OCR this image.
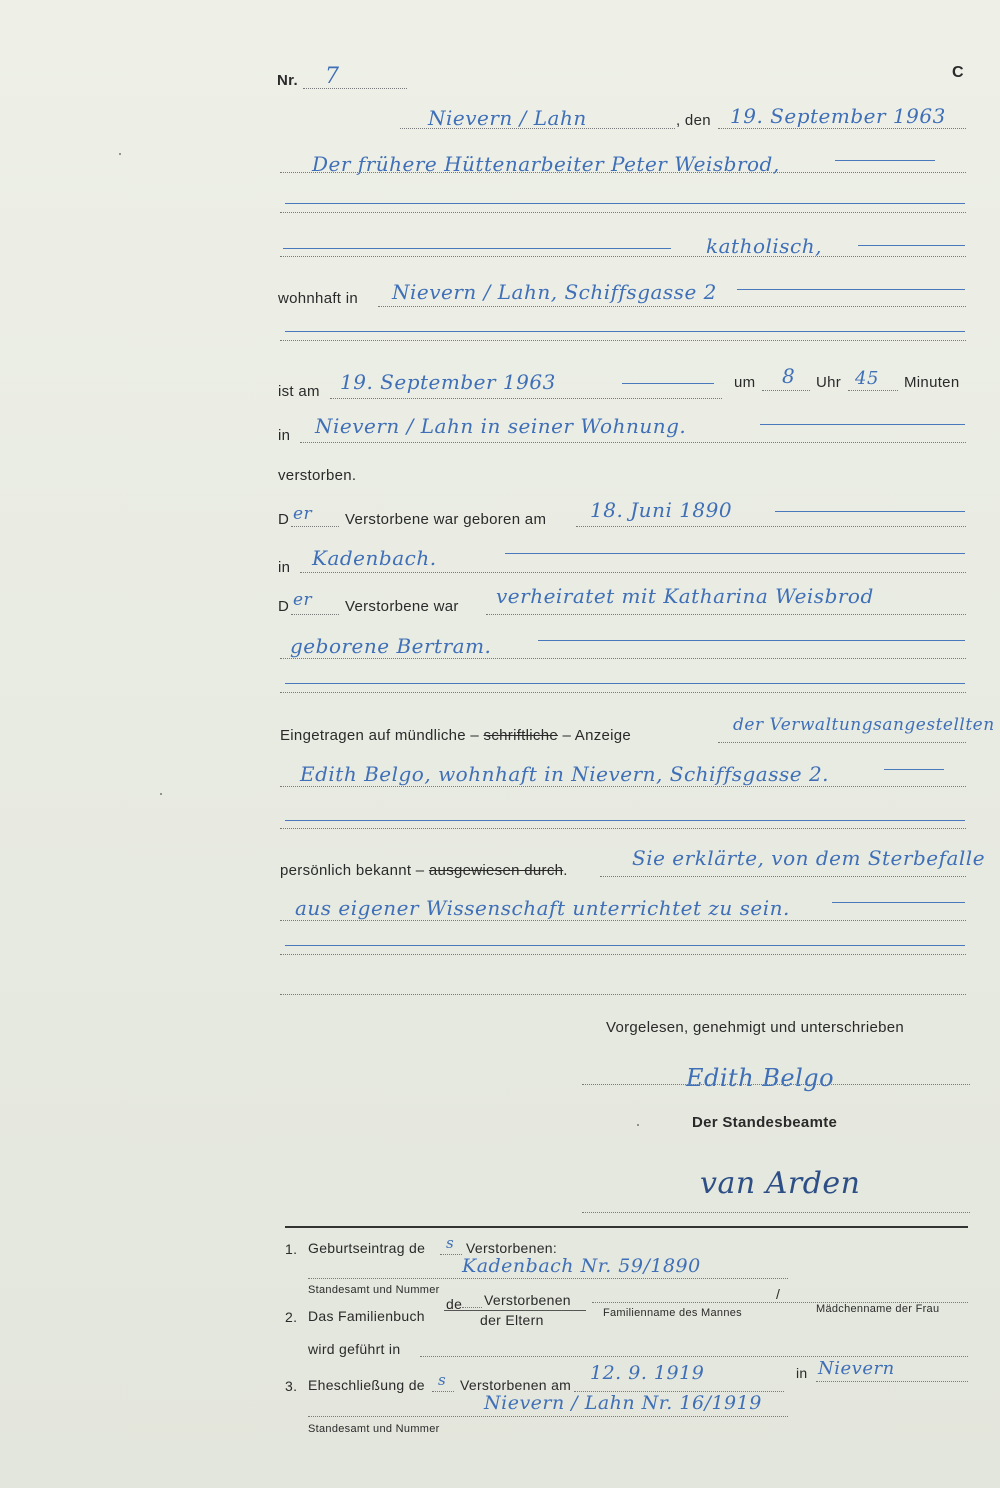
Nr. 7	C
Nievern / Lahn	, den 19. September 1963
Der frühere Hüttenarbeiter Peter Weisbrod,
katholisch,
wohnhaft in Nievern / Lahn, Schiffsgasse 2
ist am 19. September 1963	um 8 Uhr 45 Minuten
in Nievern / Lahn in seiner Wohnung.
verstorben.
D er Verstorbene war geboren am 18. Juni 1890
in Kadenbach.
D er Verstorbene war verheiratet mit Katharina Weisbrod
geborene Bertram.
Eingetragen auf mündliche – schriftliche – Anzeige
der Verwaltungsangestellten
Edith Belgo, wohnhaft in Nievern, Schiffsgasse 2.
persönlich bekannt – ausgewiesen durch.
Sie erklärte, von dem Sterbefalle
aus eigener Wissenschaft unterrichtet zu sein.
Vorgelesen, genehmigt und unterschrieben
Edith Belgo
Der Standesbeamte
van Arden
1. Geburtseintrag de s Verstorbenen:
Kadenbach Nr. 59/1890
Standesamt und Nummer
2. Das Familienbuch
de Verstorbenen
der Eltern
/
Familienname des Mannes	Mädchenname der Frau
wird geführt in
3. Eheschließung de s Verstorbenen am
12. 9. 1919	in Nievern
Nievern / Lahn Nr. 16/1919
Standesamt und Nummer
